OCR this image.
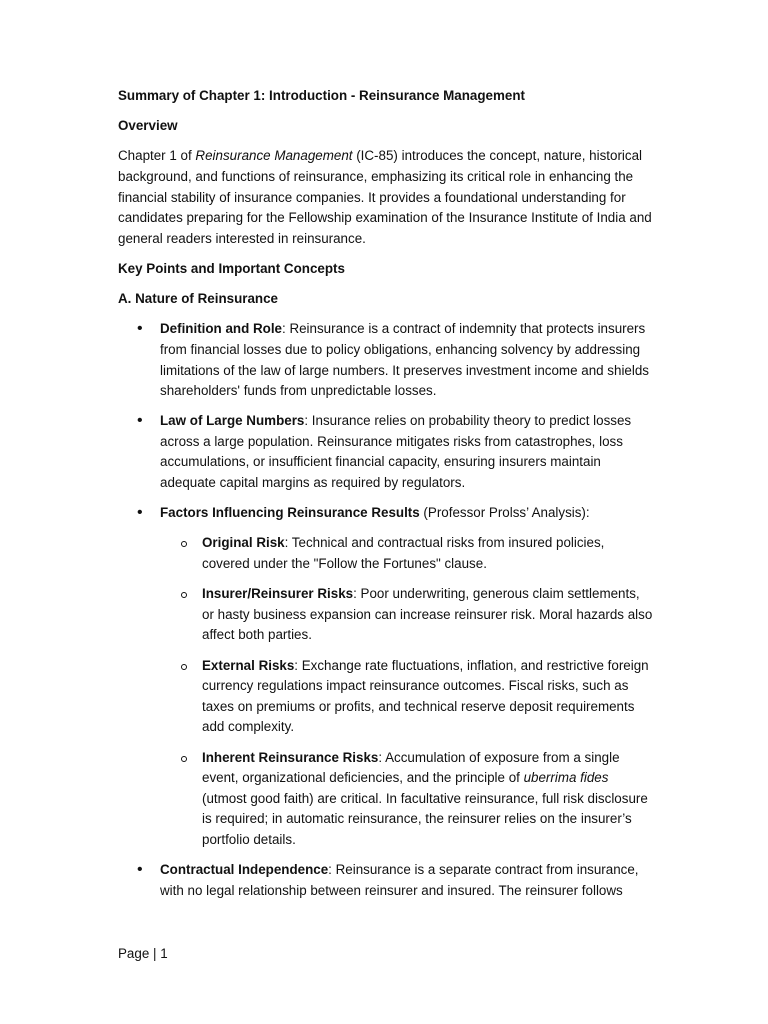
Summary of Chapter 1: Introduction - Reinsurance Management

Overview

Chapter 1 of Reinsurance Management (IC-85) introduces the concept, nature, historical background, and functions of reinsurance, emphasizing its critical role in enhancing the financial stability of insurance companies. It provides a foundational understanding for candidates preparing for the Fellowship examination of the Insurance Institute of India and general readers interested in reinsurance.

Key Points and Important Concepts

A. Nature of Reinsurance

• Definition and Role: Reinsurance is a contract of indemnity that protects insurers from financial losses due to policy obligations, enhancing solvency by addressing limitations of the law of large numbers. It preserves investment income and shields shareholders' funds from unpredictable losses.
• Law of Large Numbers: Insurance relies on probability theory to predict losses across a large population. Reinsurance mitigates risks from catastrophes, loss accumulations, or insufficient financial capacity, ensuring insurers maintain adequate capital margins as required by regulators.
• Factors Influencing Reinsurance Results (Professor Prolss’ Analysis):
Original Risk: Technical and contractual risks from insured policies, covered under the "Follow the Fortunes" clause.
Insurer/Reinsurer Risks: Poor underwriting, generous claim settlements, or hasty business expansion can increase reinsurer risk. Moral hazards also affect both parties.
External Risks: Exchange rate fluctuations, inflation, and restrictive foreign currency regulations impact reinsurance outcomes. Fiscal risks, such as taxes on premiums or profits, and technical reserve deposit requirements add complexity.
Inherent Reinsurance Risks: Accumulation of exposure from a single event, organizational deficiencies, and the principle of uberrima fides (utmost good faith) are critical. In facultative reinsurance, full risk disclosure is required; in automatic reinsurance, the reinsurer relies on the insurer’s portfolio details.
• Contractual Independence: Reinsurance is a separate contract from insurance, with no legal relationship between reinsurer and insured. The reinsurer follows
Page | 1
